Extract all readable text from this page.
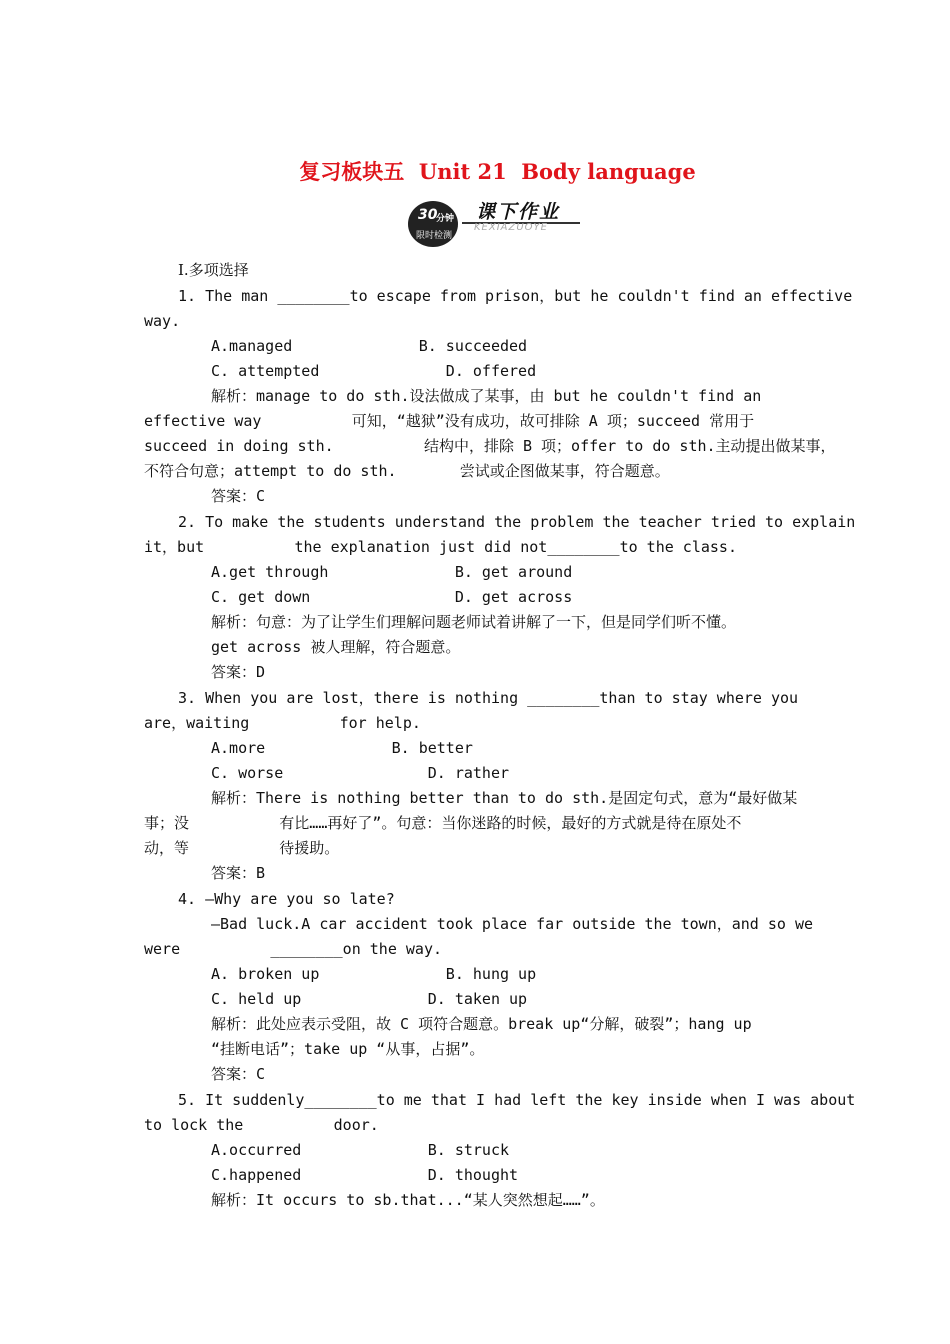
复习板块五  Unit 21  Body language
30
分钟
限时检测
课下作业
KEXIAZUOYE
Ⅰ.多项选择
1. The man ________to escape from prison，but he couldn't find an effective
way.
A.managed              B. succeeded
C. attempted              D. offered
解析：manage to do sth.设法做成了某事，由 but he couldn't find an
effective way          可知，“越狱”没有成功，故可排除 A 项；succeed 常用于
succeed in doing sth.          结构中，排除 B 项；offer to do sth.主动提出做某事，
不符合句意；attempt to do sth.       尝试或企图做某事，符合题意。
答案：C
2. To make the students understand the problem the teacher tried to explain
it，but          the explanation just did not________to the class.
A.get through              B. get around
C. get down                D. get across
解析：句意：为了让学生们理解问题老师试着讲解了一下，但是同学们听不懂。
get across 被人理解，符合题意。
答案：D
3. When you are lost，there is nothing ________than to stay where you
are，waiting          for help.
A.more              B. better
C. worse                D. rather
解析：There is nothing better than to do sth.是固定句式，意为“最好做某
事；没          有比……再好了”。句意：当你迷路的时候，最好的方式就是待在原处不
动，等          待援助。
答案：B
4. —Why are you so late?
—Bad luck.A car accident took place far outside the town，and so we
were          ________on the way.
A. broken up              B. hung up
C. held up              D. taken up
解析：此处应表示受阻，故 C 项符合题意。break up“分解，破裂”；hang up
“挂断电话”；take up “从事，占据”。
答案：C
5. It suddenly________to me that I had left the key inside when I was about
to lock the          door.
A.occurred              B. struck
C.happened              D. thought
解析：It occurs to sb.that...“某人突然想起……”。
